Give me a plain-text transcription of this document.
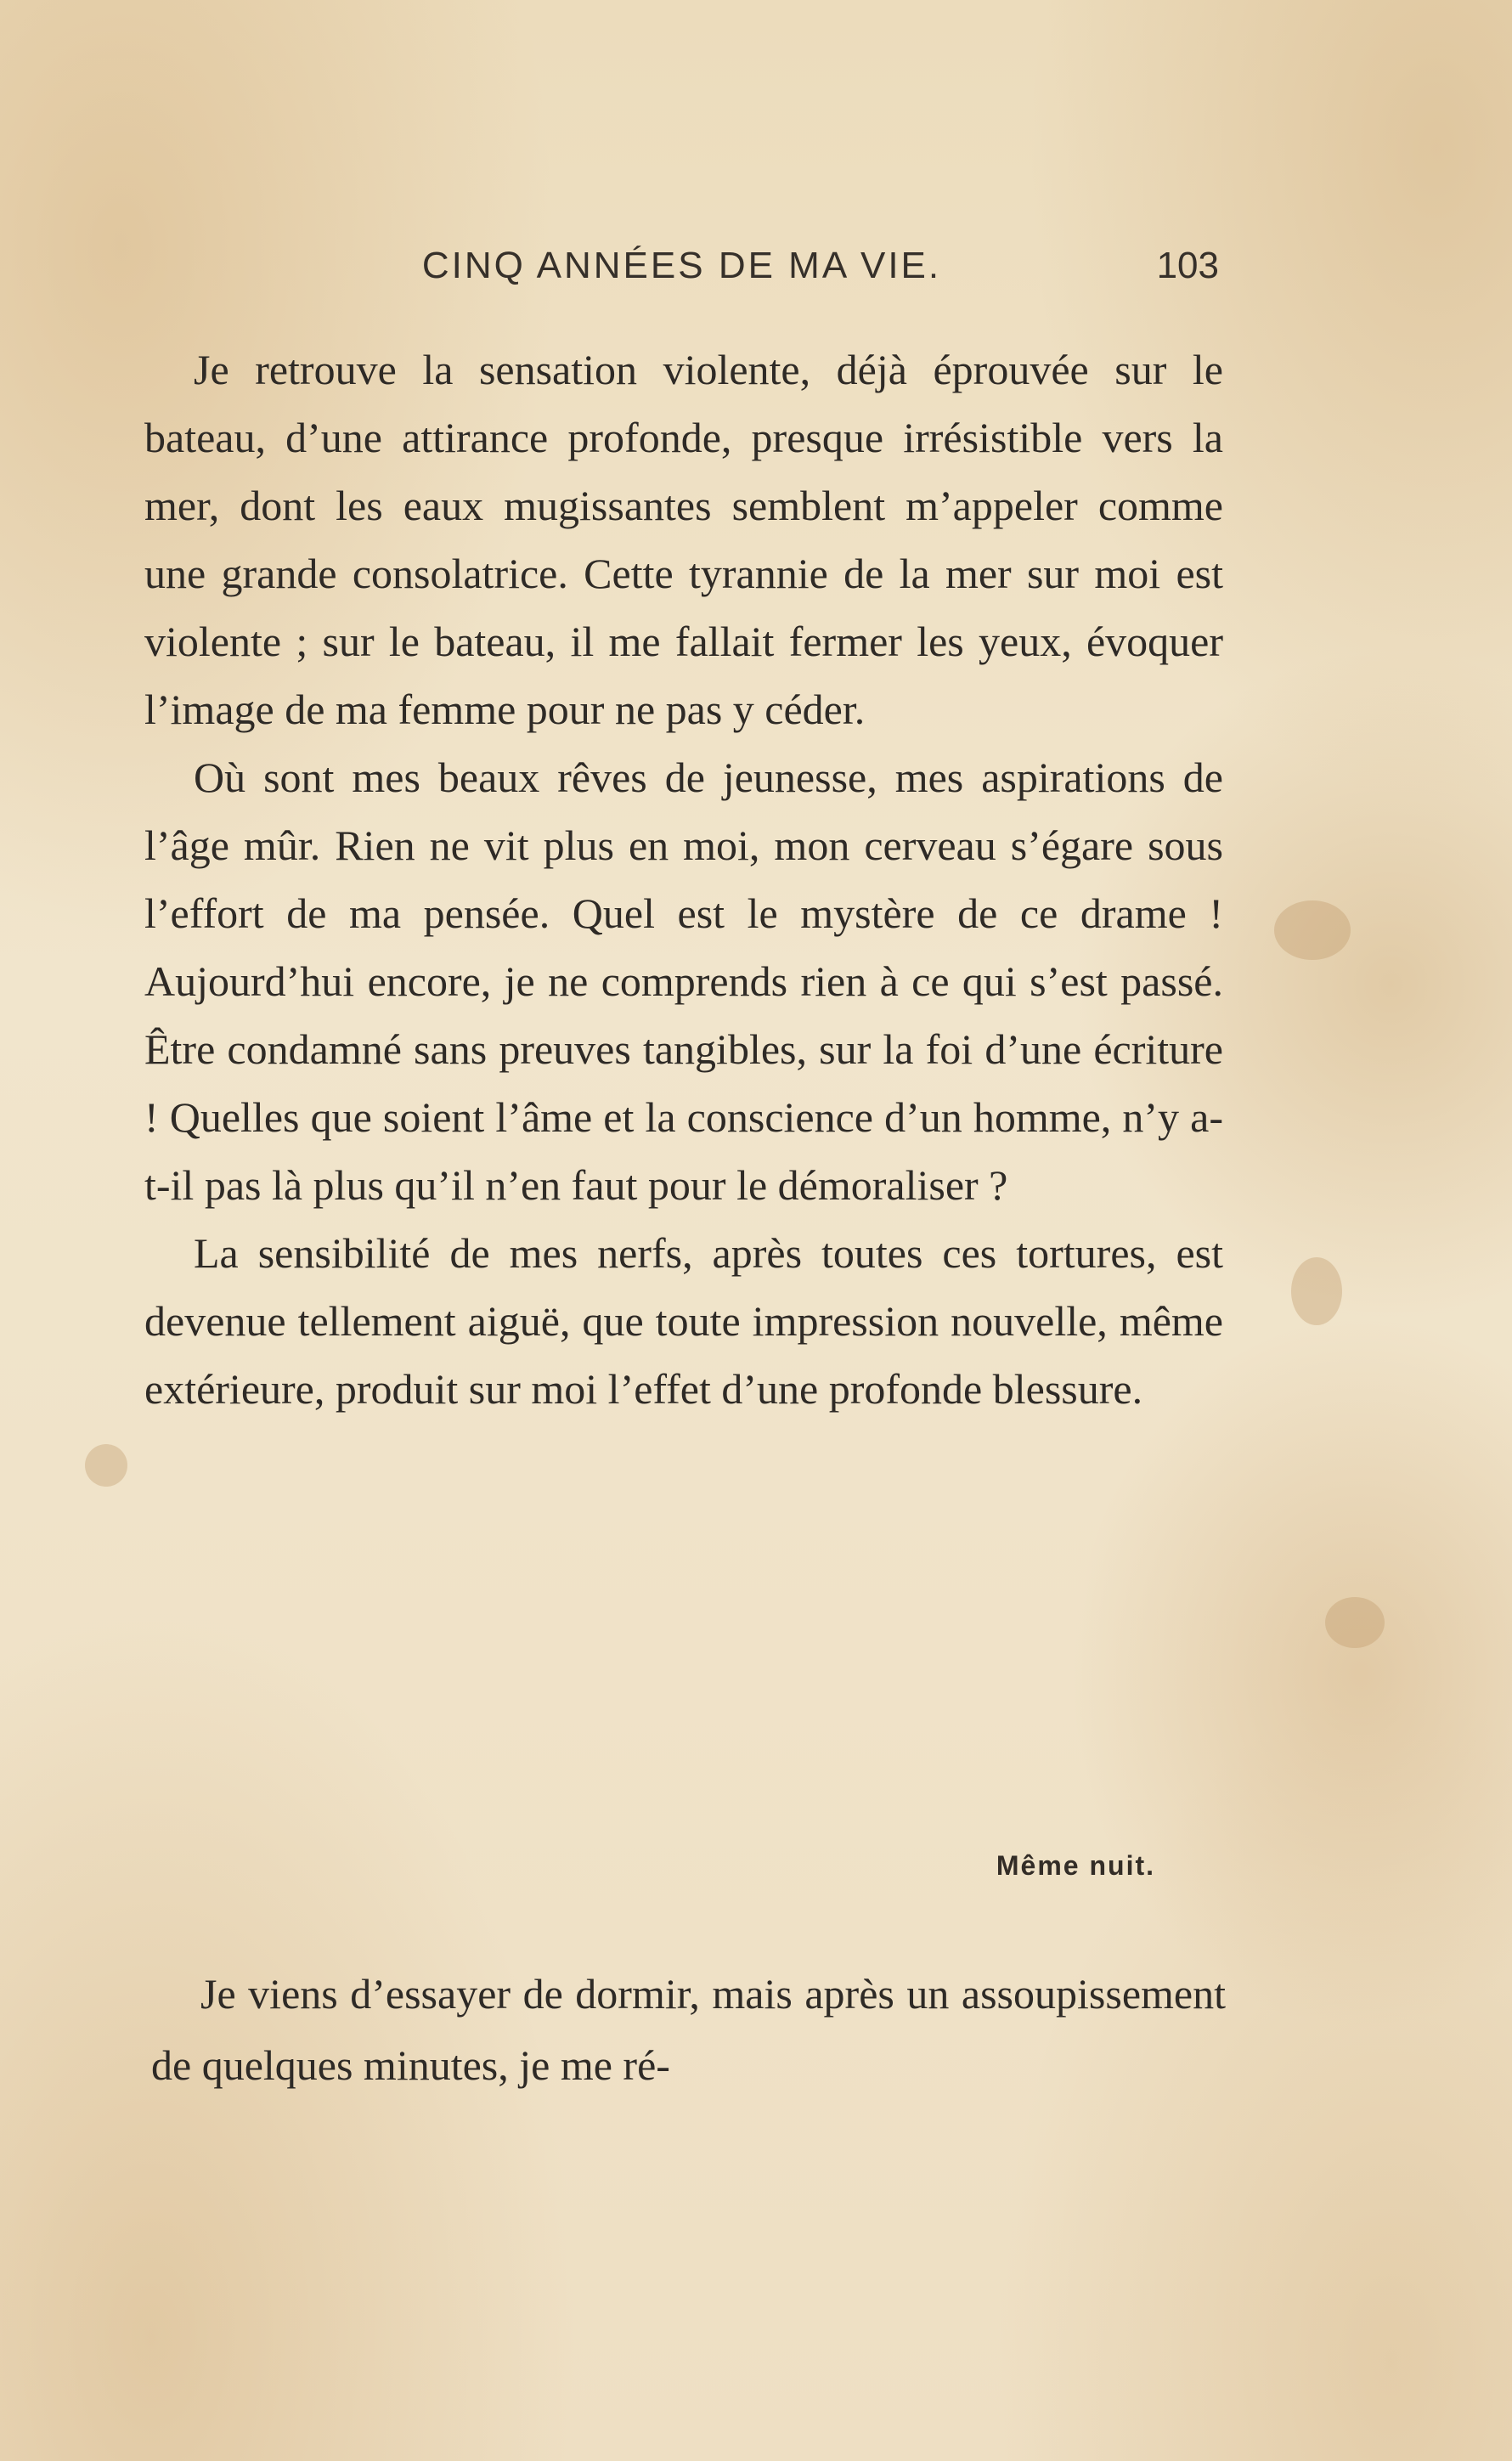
CINQ ANNÉES DE MA VIE.	103

Je retrouve la sensation violente, déjà éprouvée sur le bateau, d’une attirance profonde, presque irrésistible vers la mer, dont les eaux mugissantes semblent m’appeler comme une grande consolatrice. Cette tyrannie de la mer sur moi est violente ; sur le bateau, il me fallait fermer les yeux, évoquer l’image de ma femme pour ne pas y céder.

Où sont mes beaux rêves de jeunesse, mes aspirations de l’âge mûr. Rien ne vit plus en moi, mon cerveau s’égare sous l’effort de ma pensée. Quel est le mystère de ce drame ! Aujourd’hui encore, je ne comprends rien à ce qui s’est passé. Être condamné sans preuves tangibles, sur la foi d’une écriture ! Quelles que soient l’âme et la conscience d’un homme, n’y a-t-il pas là plus qu’il n’en faut pour le démoraliser ?

La sensibilité de mes nerfs, après toutes ces tortures, est devenue tellement aiguë, que toute impression nouvelle, même extérieure, produit sur moi l’effet d’une profonde blessure.

Même nuit.

Je viens d’essayer de dormir, mais après un assoupissement de quelques minutes, je me ré-
